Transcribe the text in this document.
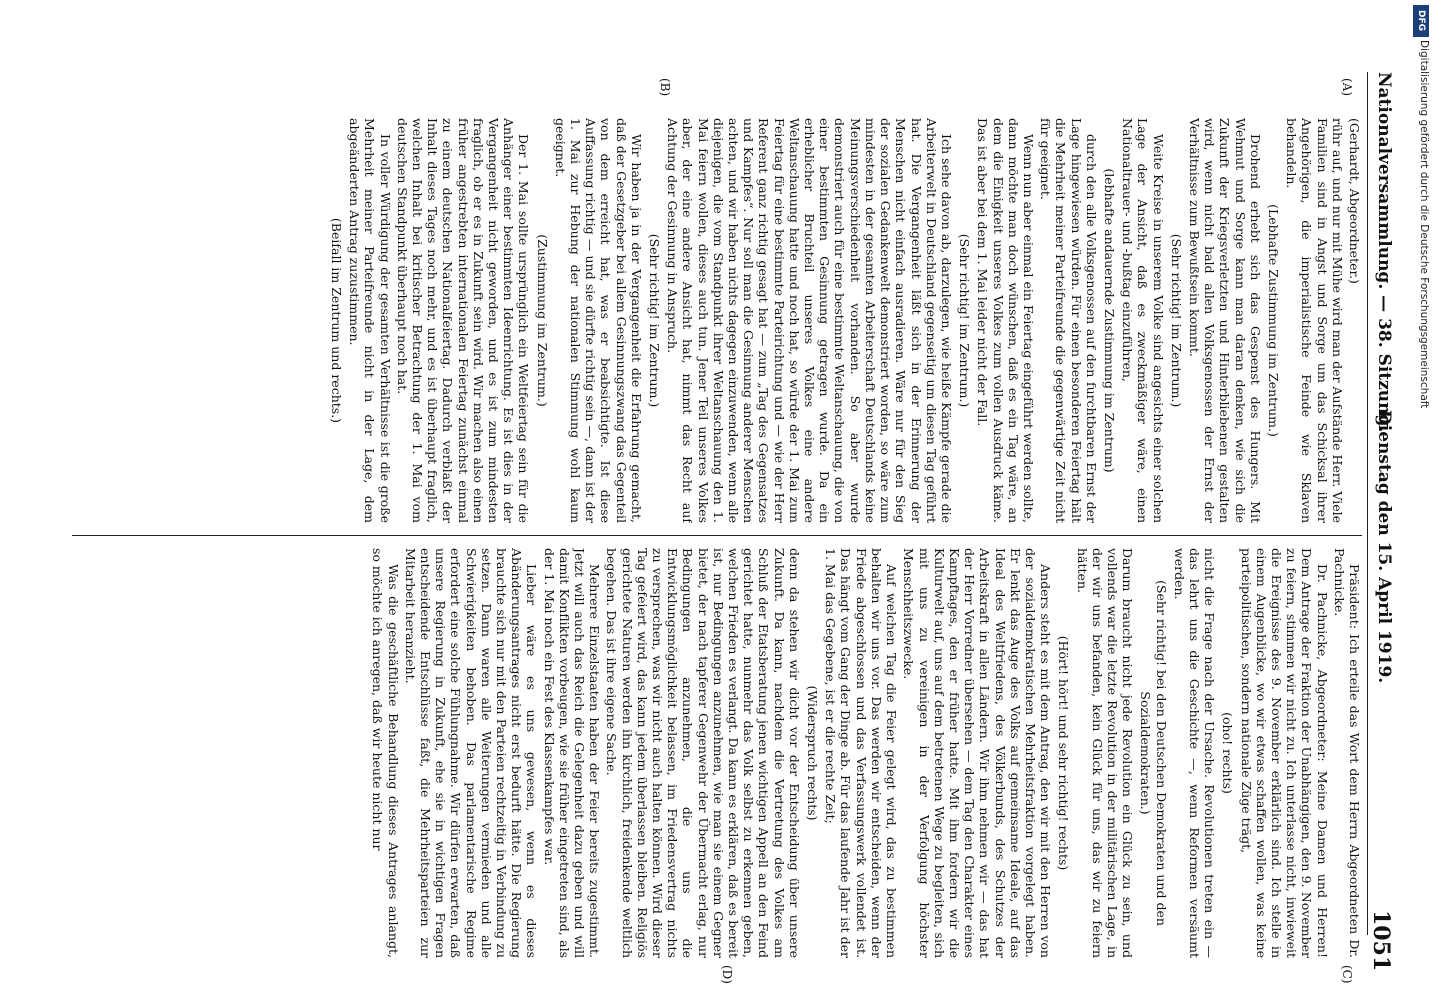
Nationalversammlung. — 38. Sitzung.
Dienstag den 15. April 1919.
1051
(A)
(B)
(C)
(D)

(Gerhardt, Abgeordneter.)

rühr auf, und nur mit Mühe wird man der Aufstände Herr. Viele Familien sind in Angst und Sorge um das Schicksal ihrer Angehörigen, die imperialistische Feinde wie Sklaven behandeln.

(Lebhafte Zustimmung im Zentrum.)

Drohend erhebt sich das Gespenst des Hungers. Mit Wehmut und Sorge kann man daran denken, wie sich die Zukunft der Kriegsverletzten und Hinterbliebenen gestalten wird, wenn nicht bald allen Volksgenossen der Ernst der Verhältnisse zum Bewußtsein kommt.

(Sehr richtig! im Zentrum.)

Weite Kreise in unserem Volke sind angesichts einer solchen Lage der Ansicht, daß es zweckmäßiger wäre, einen Nationaltrauer- und -bußtag einzuführen,

(lebhafte andauernde Zustimmung im Zentrum)

durch den alle Volksgenossen auf den furchtbaren Ernst der Lage hingewiesen würden. Für einen besonderen Feiertag hält die Mehrheit meiner Parteifreunde die gegenwärtige Zeit nicht für geeignet.

Wenn nun aber einmal ein Feiertag eingeführt werden sollte, dann möchte man doch wünschen, daß es ein Tag wäre, an dem die Einigkeit unseres Volkes zum vollen Ausdruck käme. Das ist aber bei dem 1. Mai leider nicht der Fall.

(Sehr richtig! im Zentrum.)

Ich sehe davon ab, darzulegen, wie heiße Kämpfe gerade die Arbeiterwelt in Deutschland gegenseitig um diesen Tag geführt hat. Die Vergangenheit läßt sich in der Erinnerung der Menschen nicht einfach ausradieren. Wäre nur für den Sieg der sozialen Gedankenwelt demonstriert worden, so wäre zum mindesten in der gesamten Arbeiterschaft Deutschlands keine Meinungsverschiedenheit vorhanden. So aber wurde demonstriert auch für eine bestimmte Weltanschauung, die von einer bestimmten Gesinnung getragen wurde. Da ein erheblicher Bruchteil unseres Volkes eine andere Weltanschauung hatte und noch hat, so würde der 1. Mai zum Feiertag für eine bestimmte Parteirichtung und — wie der Herr Referent ganz richtig gesagt hat — zum „Tag des Gegensatzes und Kampfes“. Nur soll man die Gesinnung anderer Menschen achten, und wir haben nichts dagegen einzuwenden, wenn alle diejenigen, die vom Standpunkt ihrer Weltanschauung den 1. Mai feiern wollen, dieses auch tun. Jener Teil unseres Volkes aber, der eine andere Ansicht hat, nimmt das Recht auf Achtung der Gesinnung in Anspruch.

(Sehr richtig! im Zentrum.)

Wir haben ja in der Vergangenheit die Erfahrung gemacht, daß der Gesetzgeber bei allem Gesinnungszwang das Gegenteil von dem erreicht hat, was er beabsichtigte. Ist diese Auffassung richtig — und sie dürfte richtig sein —, dann ist der 1. Mai zur Hebung der nationalen Stimmung wohl kaum geeignet.

(Zustimmung im Zentrum.)

Der 1. Mai sollte ursprünglich ein Weltfeiertag sein für die Anhänger einer bestimmten Ideenrichtung. Es ist dies in der Vergangenheit nicht geworden, und es ist zum mindesten fraglich, ob er es in Zukunft sein wird. Wir machen also einen früher angestrebten internationalen Feiertag zunächst einmal zu einem deutschen Nationalfeiertag. Dadurch verblaßt der Inhalt dieses Tages noch mehr, und es ist überhaupt fraglich, welchen Inhalt bei kritischer Betrachtung der 1. Mai vom deutschen Standpunkt überhaupt noch hat.

In voller Würdigung der gesamten Verhältnisse ist die große Mehrheit meiner Parteifreunde nicht in der Lage, dem abgeänderten Antrag zuzustimmen.

(Beifall im Zentrum und rechts.)

Präsident: Ich erteile das Wort dem Herrn Abgeordneten Dr. Pachnicke.

Dr. Pachnicke, Abgeordneter: Meine Damen und Herren! Dem Antrage der Fraktion der Unabhängigen, den 9. November zu feiern, stimmen wir nicht zu. Ich unterlasse nicht, inwieweit die Ereignisse des 9. November erklärlich sind. Ich stelle in einem Augenblicke, wo wir etwas schaffen wollen, was keine parteipolitischen, sondern nationale Züge trägt,

(oho! rechts)

nicht die Frage nach der Ursache. Revolutionen treten ein — das lehrt uns die Geschichte —, wenn Reformen versäumt werden.

(Sehr richtig! bei den Deutschen Demokraten und den Sozialdemokraten.)

Darum braucht nicht jede Revolution ein Glück zu sein, und vollends war die letzte Revolution in der militärischen Lage, in der wir uns befanden, kein Glück für uns, das wir zu feiern hätten.

(Hört! hört! und sehr richtig! rechts)

Anders steht es mit dem Antrag, den wir mit den Herren von der sozialdemokratischen Mehrheitsfraktion vorgelegt haben. Er lenkt das Auge des Volks auf gemeinsame Ideale, auf das Ideal des Weltfriedens, des Völkerbunds, des Schutzes der Arbeitskraft in allen Ländern. Wir ihm nehmen wir — das hat der Herr Vorredner übersehen — dem Tag den Charakter eines Kampftages, den er früher hatte. Mit ihm fordern wir die Kulturwelt auf, uns auf dem betretenen Wege zu begleiten, sich mit uns zu vereinigen in der Verfolgung höchster Menschheitszwecke.

Auf welchen Tag die Feier gelegt wird, das zu bestimmen behalten wir uns vor. Das werden wir entscheiden, wenn der Friede abgeschlossen und das Verfassungswerk vollendet ist. Das hängt vom Gang der Dinge ab. Für das laufende Jahr ist der 1. Mai das Gegebene, ist er die rechte Zeit;

(Widerspruch rechts)

denn da stehen wir dicht vor der Entscheidung über unsere Zukunft. Da kann, nachdem die Vertretung des Volkes am Schluß der Etatsberatung jenen wichtigen Appell an den Feind gerichtet hatte, nunmehr das Volk selbst zu erkennen geben, welchen Frieden es verlangt. Da kann es erklären, daß es bereit ist, nur Bedingungen anzunehmen, wie man sie einem Gegner bietet, der nach tapferer Gegenwehr der Übermacht erlag, nur Bedingungen anzunehmen, die uns die Entwicklungsmöglichkeit belassen, im Friedensvertrag nichts zu versprechen, was wir nicht auch halten können. Wird dieser Tag gefeiert wird, das kann jedem überlassen bleiben. Religiös gerichtete Naturen werden ihn kirchlich, freidenkende weltlich begehen. Das ist ihre eigene Sache.

Mehrere Einzelstaaten haben der Feier bereits zugestimmt. Jetzt will auch das Reich die Gelegenheit dazu geben und will damit Konflikten vorbeugen, wie sie früher eingetreten sind, als der 1. Mai noch ein Fest des Klassenkampfes war.

Lieber wäre es uns gewesen, wenn es dieses Abänderungsantrages nicht erst bedurft hätte. Die Regierung brauchte sich nur mit den Parteien rechtzeitig in Verbindung zu setzen. Dann waren alle Weiterungen vermieden und alle Schwierigkeiten behoben. Das parlamentarische Regime erfordert eine solche Fühlungnahme. Wir dürfen erwarten, daß unsere Regierung in Zukunft, ehe sie in wichtigen Fragen entscheidende Entschlüsse faßt, die Mehrheitsparteien zur Mitarbeit heranzieht.

Was die geschäftliche Behandlung dieses Antrages anlangt, so möchte ich anregen, daß wir heute nicht nur

DFG
Digitalisierung gefördert durch die Deutsche Forschungsgemeinschaft
